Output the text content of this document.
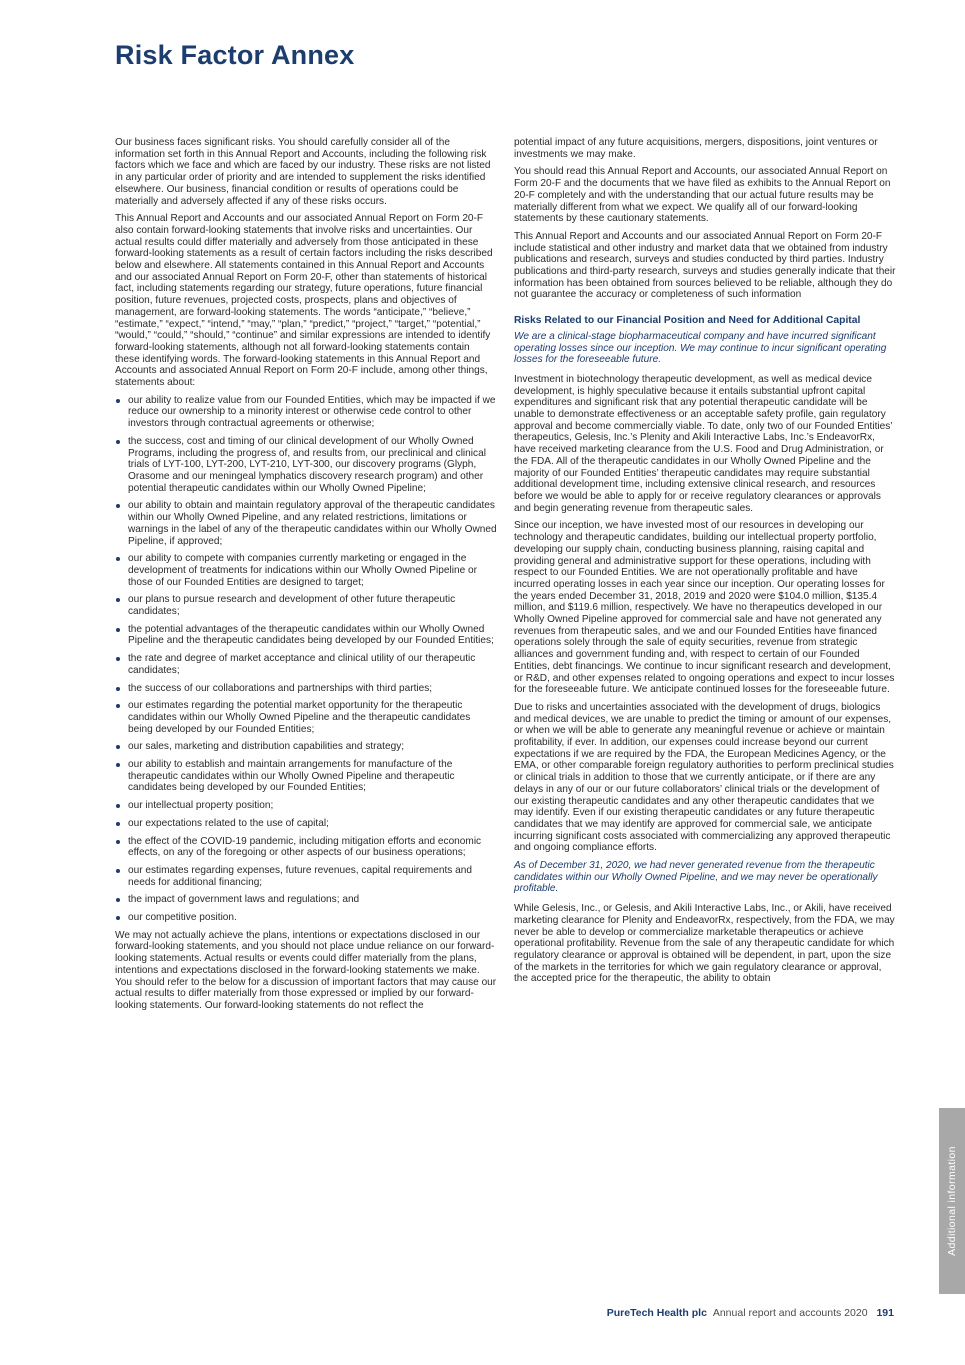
Risk Factor Annex

Our business faces significant risks. You should carefully consider all of the information set forth in this Annual Report and Accounts, including the following risk factors which we face and which are faced by our industry. These risks are not listed in any particular order of priority and are intended to supplement the risks identified elsewhere. Our business, financial condition or results of operations could be materially and adversely affected if any of these risks occurs.

This Annual Report and Accounts and our associated Annual Report on Form 20-F also contain forward-looking statements that involve risks and uncertainties. Our actual results could differ materially and adversely from those anticipated in these forward-looking statements as a result of certain factors including the risks described below and elsewhere. All statements contained in this Annual Report and Accounts and our associated Annual Report on Form 20-F, other than statements of historical fact, including statements regarding our strategy, future operations, future financial position, future revenues, projected costs, prospects, plans and objectives of management, are forward-looking statements. The words “anticipate,” “believe,” “estimate,” “expect,” “intend,” “may,” “plan,” “predict,” “project,” “target,” “potential,” “would,” “could,” “should,” “continue” and similar expressions are intended to identify forward-looking statements, although not all forward-looking statements contain these identifying words. The forward-looking statements in this Annual Report and Accounts and associated Annual Report on Form 20-F include, among other things, statements about:

our ability to realize value from our Founded Entities, which may be impacted if we reduce our ownership to a minority interest or otherwise cede control to other investors through contractual agreements or otherwise;
the success, cost and timing of our clinical development of our Wholly Owned Programs, including the progress of, and results from, our preclinical and clinical trials of LYT-100, LYT-200, LYT-210, LYT-300, our discovery programs (Glyph, Orasome and our meningeal lymphatics discovery research program) and other potential therapeutic candidates within our Wholly Owned Pipeline;
our ability to obtain and maintain regulatory approval of the therapeutic candidates within our Wholly Owned Pipeline, and any related restrictions, limitations or warnings in the label of any of the therapeutic candidates within our Wholly Owned Pipeline, if approved;
our ability to compete with companies currently marketing or engaged in the development of treatments for indications within our Wholly Owned Pipeline or those of our Founded Entities are designed to target;
our plans to pursue research and development of other future therapeutic candidates;
the potential advantages of the therapeutic candidates within our Wholly Owned Pipeline and the therapeutic candidates being developed by our Founded Entities;
the rate and degree of market acceptance and clinical utility of our therapeutic candidates;
the success of our collaborations and partnerships with third parties;
our estimates regarding the potential market opportunity for the therapeutic candidates within our Wholly Owned Pipeline and the therapeutic candidates being developed by our Founded Entities;
our sales, marketing and distribution capabilities and strategy;
our ability to establish and maintain arrangements for manufacture of the therapeutic candidates within our Wholly Owned Pipeline and therapeutic candidates being developed by our Founded Entities;
our intellectual property position;
our expectations related to the use of capital;
the effect of the COVID-19 pandemic, including mitigation efforts and economic effects, on any of the foregoing or other aspects of our business operations;
our estimates regarding expenses, future revenues, capital requirements and needs for additional financing;
the impact of government laws and regulations; and
our competitive position.

We may not actually achieve the plans, intentions or expectations disclosed in our forward-looking statements, and you should not place undue reliance on our forward-looking statements. Actual results or events could differ materially from the plans, intentions and expectations disclosed in the forward-looking statements we make. You should refer to the below for a discussion of important factors that may cause our actual results to differ materially from those expressed or implied by our forward-looking statements. Our forward-looking statements do not reflect the

potential impact of any future acquisitions, mergers, dispositions, joint ventures or investments we may make.

You should read this Annual Report and Accounts, our associated Annual Report on Form 20-F and the documents that we have filed as exhibits to the Annual Report on 20-F completely and with the understanding that our actual future results may be materially different from what we expect. We qualify all of our forward-looking statements by these cautionary statements.

This Annual Report and Accounts and our associated Annual Report on Form 20-F include statistical and other industry and market data that we obtained from industry publications and research, surveys and studies conducted by third parties. Industry publications and third-party research, surveys and studies generally indicate that their information has been obtained from sources believed to be reliable, although they do not guarantee the accuracy or completeness of such information

Risks Related to our Financial Position and Need for Additional Capital

We are a clinical-stage biopharmaceutical company and have incurred significant operating losses since our inception. We may continue to incur significant operating losses for the foreseeable future.

Investment in biotechnology therapeutic development, as well as medical device development, is highly speculative because it entails substantial upfront capital expenditures and significant risk that any potential therapeutic candidate will be unable to demonstrate effectiveness or an acceptable safety profile, gain regulatory approval and become commercially viable. To date, only two of our Founded Entities’ therapeutics, Gelesis, Inc.’s Plenity and Akili Interactive Labs, Inc.’s EndeavorRx, have received marketing clearance from the U.S. Food and Drug Administration, or the FDA. All of the therapeutic candidates in our Wholly Owned Pipeline and the majority of our Founded Entities’ therapeutic candidates may require substantial additional development time, including extensive clinical research, and resources before we would be able to apply for or receive regulatory clearances or approvals and begin generating revenue from therapeutic sales.

Since our inception, we have invested most of our resources in developing our technology and therapeutic candidates, building our intellectual property portfolio, developing our supply chain, conducting business planning, raising capital and providing general and administrative support for these operations, including with respect to our Founded Entities. We are not operationally profitable and have incurred operating losses in each year since our inception. Our operating losses for the years ended December 31, 2018, 2019 and 2020 were $104.0 million, $135.4 million, and $119.6 million, respectively. We have no therapeutics developed in our Wholly Owned Pipeline approved for commercial sale and have not generated any revenues from therapeutic sales, and we and our Founded Entities have financed operations solely through the sale of equity securities, revenue from strategic alliances and government funding and, with respect to certain of our Founded Entities, debt financings. We continue to incur significant research and development, or R&D, and other expenses related to ongoing operations and expect to incur losses for the foreseeable future. We anticipate continued losses for the foreseeable future.

Due to risks and uncertainties associated with the development of drugs, biologics and medical devices, we are unable to predict the timing or amount of our expenses, or when we will be able to generate any meaningful revenue or achieve or maintain profitability, if ever. In addition, our expenses could increase beyond our current expectations if we are required by the FDA, the European Medicines Agency, or the EMA, or other comparable foreign regulatory authorities to perform preclinical studies or clinical trials in addition to those that we currently anticipate, or if there are any delays in any of our or our future collaborators’ clinical trials or the development of our existing therapeutic candidates and any other therapeutic candidates that we may identify. Even if our existing therapeutic candidates or any future therapeutic candidates that we may identify are approved for commercial sale, we anticipate incurring significant costs associated with commercializing any approved therapeutic and ongoing compliance efforts.

As of December 31, 2020, we had never generated revenue from the therapeutic candidates within our Wholly Owned Pipeline, and we may never be operationally profitable.

While Gelesis, Inc., or Gelesis, and Akili Interactive Labs, Inc., or Akili, have received marketing clearance for Plenity and EndeavorRx, respectively, from the FDA, we may never be able to develop or commercialize marketable therapeutics or achieve operational profitability. Revenue from the sale of any therapeutic candidate for which regulatory clearance or approval is obtained will be dependent, in part, upon the size of the markets in the territories for which we gain regulatory clearance or approval, the accepted price for the therapeutic, the ability to obtain

Additional information
PureTech Health plc Annual report and accounts 2020 191
